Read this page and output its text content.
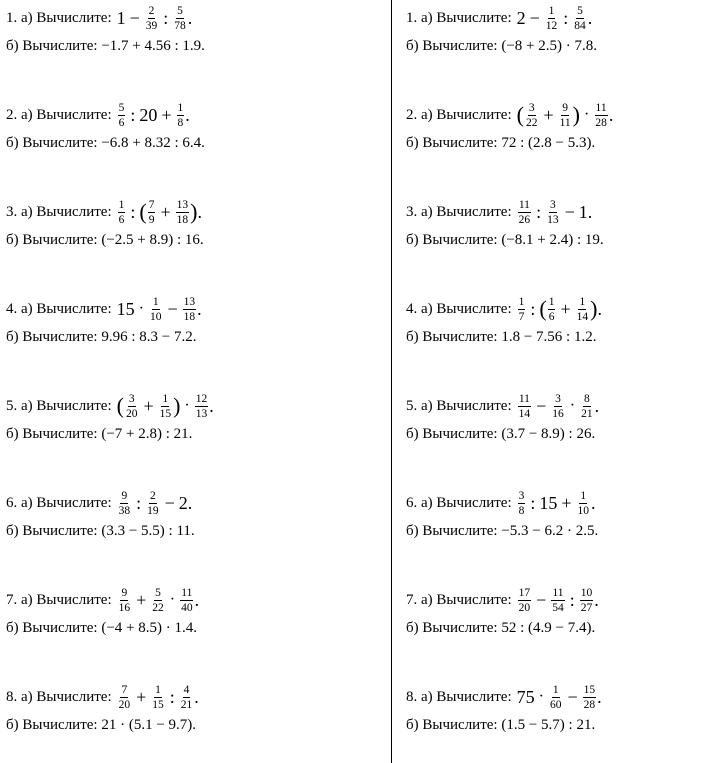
1. а) Вычислите: $1 - \frac{2}{39}$ : $\frac{5}{78}$ .
б) Вычислите: −1.7 + 4.56 : 1.9.
2. а) Вычислите: $\frac{5}{6}$ : $20 + \frac{1}{8}$ .
б) Вычислите: −6.8 + 8.32 : 6.4.
3. а) Вычислите: $\frac{1}{6}$ : ( $\frac{7}{9} + \frac{13}{18}$ ) .
б) Вычислите: (−2.5 + 8.9) : 16.
4. а) Вычислите: $15 \cdot \frac{1}{10} - \frac{13}{18}$ .
б) Вычислите: 9.96 : 8.3 − 7.2.
5. а) Вычислите: ( $\frac{3}{20} + \frac{1}{15}$ ) · $\frac{12}{13}$ .
б) Вычислите: (−7 + 2.8) : 21.
6. а) Вычислите: $\frac{9}{38}$ : $\frac{2}{19} - 2$.
б) Вычислите: (3.3 − 5.5) : 11.
7. а) Вычислите: $\frac{9}{16} + \frac{5}{22} \cdot \frac{11}{40}$ .
б) Вычислите: (−4 + 8.5) · 1.4.
8. а) Вычислите: $\frac{7}{20} + \frac{1}{15}$ : $\frac{4}{21}$ .
б) Вычислите: 21 · (5.1 − 9.7).
1. а) Вычислите: $2 - \frac{1}{12}$ : $\frac{5}{84}$ .
б) Вычислите: (−8 + 2.5) · 7.8.
2. а) Вычислите: ( $\frac{3}{22} + \frac{9}{11}$ ) · $\frac{11}{28}$ .
б) Вычислите: 72 : (2.8 − 5.3).
3. а) Вычислите: $\frac{11}{26}$ : $\frac{3}{13} - 1$.
б) Вычислите: (−8.1 + 2.4) : 19.
4. а) Вычислите: $\frac{1}{7}$ : ( $\frac{1}{6} + \frac{1}{14}$ ) .
б) Вычислите: 1.8 − 7.56 : 1.2.
5. а) Вычислите: $\frac{11}{14} - \frac{3}{16} \cdot \frac{8}{21}$ .
б) Вычислите: (3.7 − 8.9) : 26.
6. а) Вычислите: $\frac{3}{8}$ : $15 + \frac{1}{10}$ .
б) Вычислите: −5.3 − 6.2 · 2.5.
7. а) Вычислите: $\frac{17}{20} - \frac{11}{54}$ : $\frac{10}{27}$ .
б) Вычислите: 52 : (4.9 − 7.4).
8. а) Вычислите: $75 \cdot \frac{1}{60} - \frac{15}{28}$ .
б) Вычислите: (1.5 − 5.7) : 21.
